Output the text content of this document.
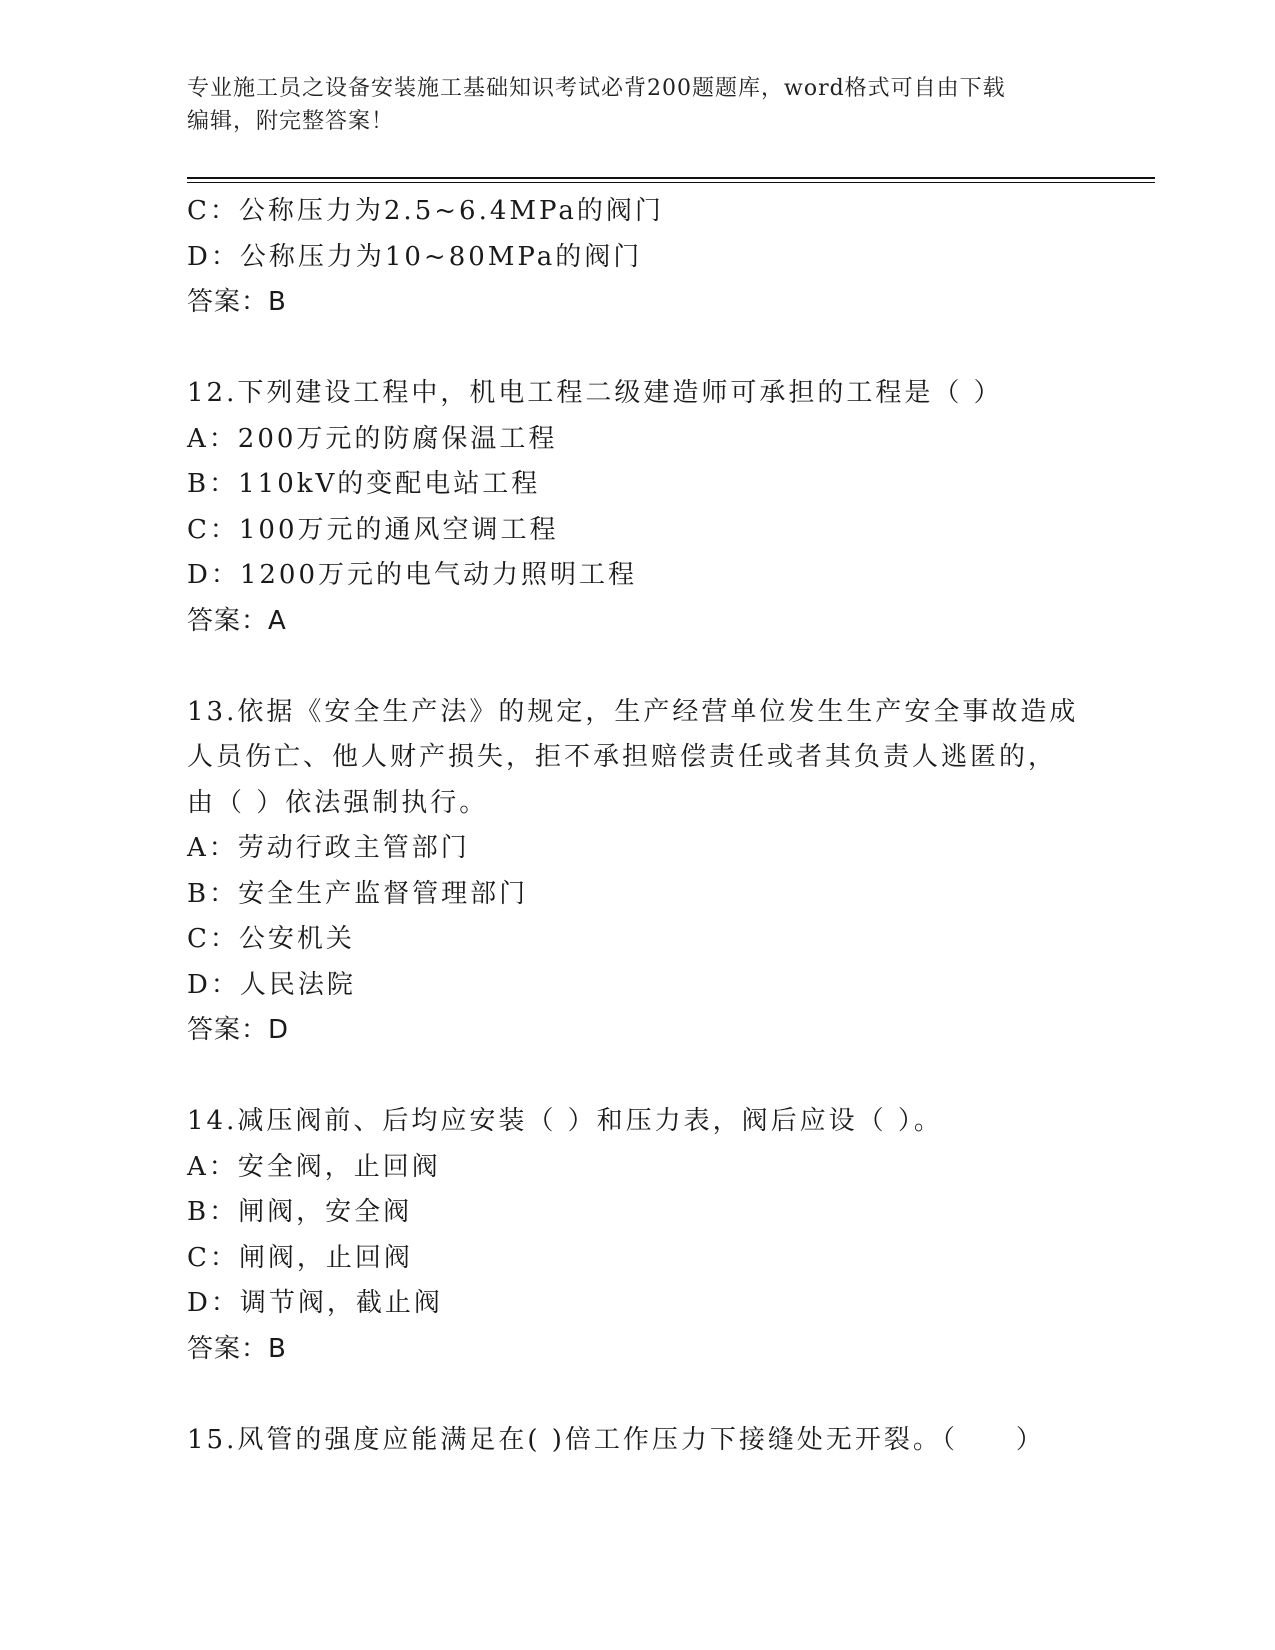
专业施工员之设备安装施工基础知识考试必背200题题库，word格式可自由下载
编辑，附完整答案！
C：公称压力为2.5~6.4MPa的阀门
D：公称压力为10~80MPa的阀门
答案：B
12.下列建设工程中，机电工程二级建造师可承担的工程是（ ）
A：200万元的防腐保温工程
B：110kV的变配电站工程
C：100万元的通风空调工程
D：1200万元的电气动力照明工程
答案：A
13.依据《安全生产法》的规定，生产经营单位发生生产安全事故造成
人员伤亡、他人财产损失，拒不承担赔偿责任或者其负责人逃匿的，
由（ ）依法强制执行。
A：劳动行政主管部门
B：安全生产监督管理部门
C：公安机关
D：人民法院
答案：D
14.减压阀前、后均应安装（ ）和压力表，阀后应设（ ）。
A：安全阀，止回阀
B：闸阀，安全阀
C：闸阀，止回阀
D：调节阀，截止阀
答案：B
15.风管的强度应能满足在( )倍工作压力下接缝处无开裂。（　　）
